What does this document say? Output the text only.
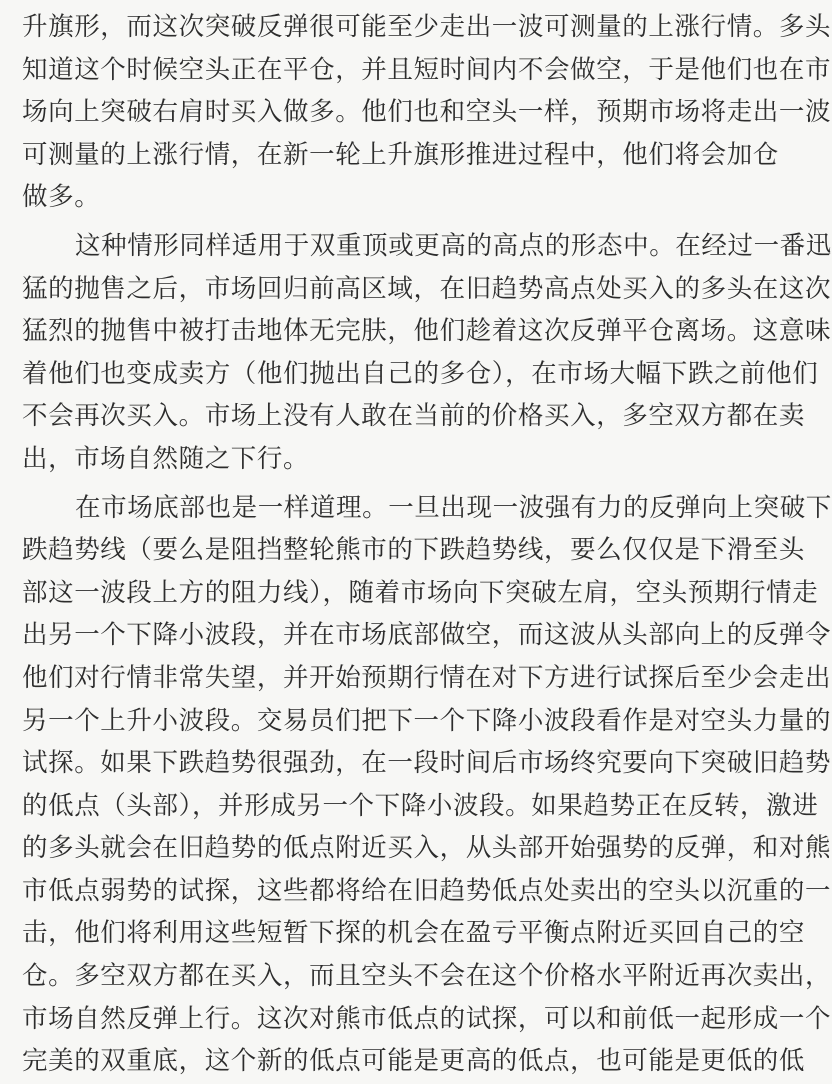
升旗形，而这次突破反弹很可能至少走出一波可测量的上涨行情。多头
知道这个时候空头正在平仓，并且短时间内不会做空，于是他们也在市
场向上突破右肩时买入做多。他们也和空头一样，预期市场将走出一波
可测量的上涨行情，在新一轮上升旗形推进过程中，他们将会加仓
做多。
这种情形同样适用于双重顶或更高的高点的形态中。在经过一番迅
猛的抛售之后，市场回归前高区域，在旧趋势高点处买入的多头在这次
猛烈的抛售中被打击地体无完肤，他们趁着这次反弹平仓离场。这意味
着他们也变成卖方（他们抛出自己的多仓），在市场大幅下跌之前他们
不会再次买入。市场上没有人敢在当前的价格买入，多空双方都在卖
出，市场自然随之下行。
在市场底部也是一样道理。一旦出现一波强有力的反弹向上突破下
跌趋势线（要么是阻挡整轮熊市的下跌趋势线，要么仅仅是下滑至头
部这一波段上方的阻力线），随着市场向下突破左肩，空头预期行情走
出另一个下降小波段，并在市场底部做空，而这波从头部向上的反弹令
他们对行情非常失望，并开始预期行情在对下方进行试探后至少会走出
另一个上升小波段。交易员们把下一个下降小波段看作是对空头力量的
试探。如果下跌趋势很强劲，在一段时间后市场终究要向下突破旧趋势
的低点（头部），并形成另一个下降小波段。如果趋势正在反转，激进
的多头就会在旧趋势的低点附近买入，从头部开始强势的反弹，和对熊
市低点弱势的试探，这些都将给在旧趋势低点处卖出的空头以沉重的一
击，他们将利用这些短暂下探的机会在盈亏平衡点附近买回自己的空
仓。多空双方都在买入，而且空头不会在这个价格水平附近再次卖出，
市场自然反弹上行。这次对熊市低点的试探，可以和前低一起形成一个
完美的双重底，这个新的低点可能是更高的低点，也可能是更低的低
